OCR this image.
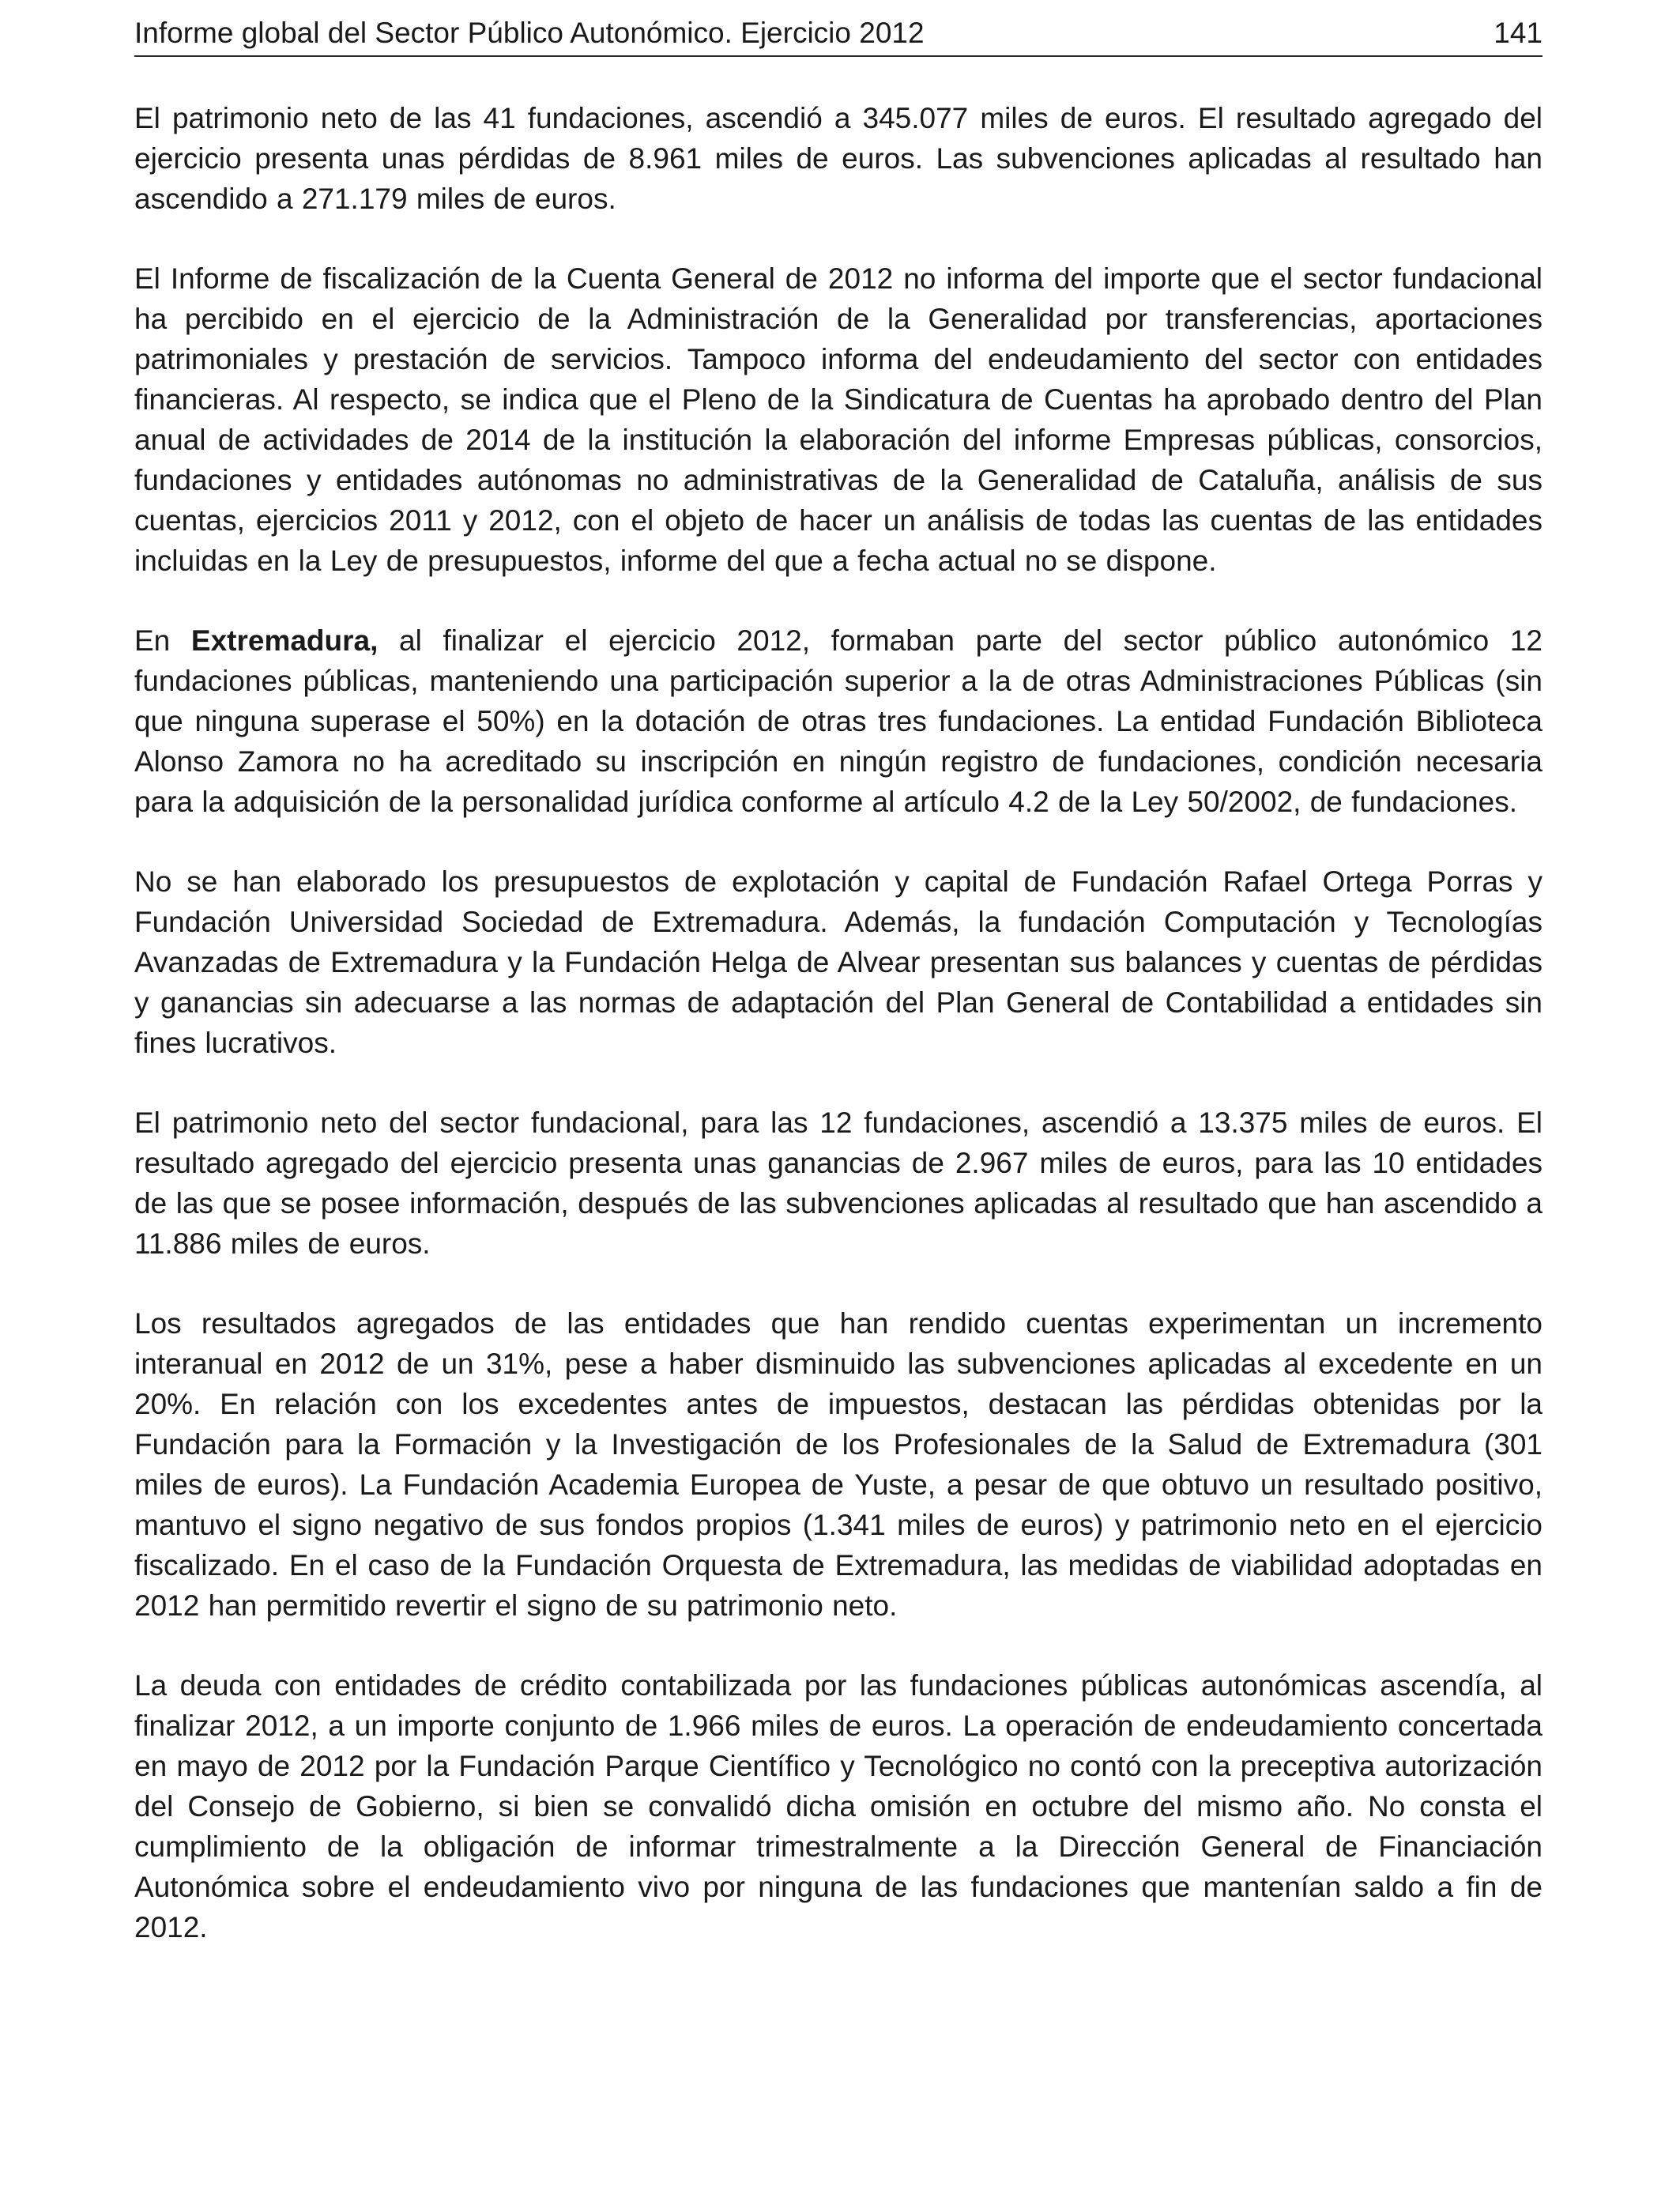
Informe global del Sector Público Autonómico. Ejercicio 2012	141

El patrimonio neto de las 41 fundaciones, ascendió a 345.077 miles de euros. El resultado agregado del ejercicio presenta unas pérdidas de 8.961 miles de euros. Las subvenciones aplicadas al resultado han ascendido a 271.179 miles de euros.

El Informe de fiscalización de la Cuenta General de 2012 no informa del importe que el sector fundacional ha percibido en el ejercicio de la Administración de la Generalidad por transferencias, aportaciones patrimoniales y prestación de servicios. Tampoco informa del endeudamiento del sector con entidades financieras. Al respecto, se indica que el Pleno de la Sindicatura de Cuentas ha aprobado dentro del Plan anual de actividades de 2014 de la institución la elaboración del informe Empresas públicas, consorcios, fundaciones y entidades autónomas no administrativas de la Generalidad de Cataluña, análisis de sus cuentas, ejercicios 2011 y 2012, con el objeto de hacer un análisis de todas las cuentas de las entidades incluidas en la Ley de presupuestos, informe del que a fecha actual no se dispone.

En Extremadura, al finalizar el ejercicio 2012, formaban parte del sector público autonómico 12 fundaciones públicas, manteniendo una participación superior a la de otras Administraciones Públicas (sin que ninguna superase el 50%) en la dotación de otras tres fundaciones. La entidad Fundación Biblioteca Alonso Zamora no ha acreditado su inscripción en ningún registro de fundaciones, condición necesaria para la adquisición de la personalidad jurídica conforme al artículo 4.2 de la Ley 50/2002, de fundaciones.

No se han elaborado los presupuestos de explotación y capital de Fundación Rafael Ortega Porras y Fundación Universidad Sociedad de Extremadura. Además, la fundación Computación y Tecnologías Avanzadas de Extremadura y la Fundación Helga de Alvear presentan sus balances y cuentas de pérdidas y ganancias sin adecuarse a las normas de adaptación del Plan General de Contabilidad a entidades sin fines lucrativos.

El patrimonio neto del sector fundacional, para las 12 fundaciones, ascendió a 13.375 miles de euros. El resultado agregado del ejercicio presenta unas ganancias de 2.967 miles de euros, para las 10 entidades de las que se posee información, después de las subvenciones aplicadas al resultado que han ascendido a 11.886 miles de euros.

Los resultados agregados de las entidades que han rendido cuentas experimentan un incremento interanual en 2012 de un 31%, pese a haber disminuido las subvenciones aplicadas al excedente en un 20%. En relación con los excedentes antes de impuestos, destacan las pérdidas obtenidas por la Fundación para la Formación y la Investigación de los Profesionales de la Salud de Extremadura (301 miles de euros). La Fundación Academia Europea de Yuste, a pesar de que obtuvo un resultado positivo, mantuvo el signo negativo de sus fondos propios (1.341 miles de euros) y patrimonio neto en el ejercicio fiscalizado. En el caso de la Fundación Orquesta de Extremadura, las medidas de viabilidad adoptadas en 2012 han permitido revertir el signo de su patrimonio neto.

La deuda con entidades de crédito contabilizada por las fundaciones públicas autonómicas ascendía, al finalizar 2012, a un importe conjunto de 1.966 miles de euros. La operación de endeudamiento concertada en mayo de 2012 por la Fundación Parque Científico y Tecnológico no contó con la preceptiva autorización del Consejo de Gobierno, si bien se convalidó dicha omisión en octubre del mismo año. No consta el cumplimiento de la obligación de informar trimestralmente a la Dirección General de Financiación Autonómica sobre el endeudamiento vivo por ninguna de las fundaciones que mantenían saldo a fin de 2012.
